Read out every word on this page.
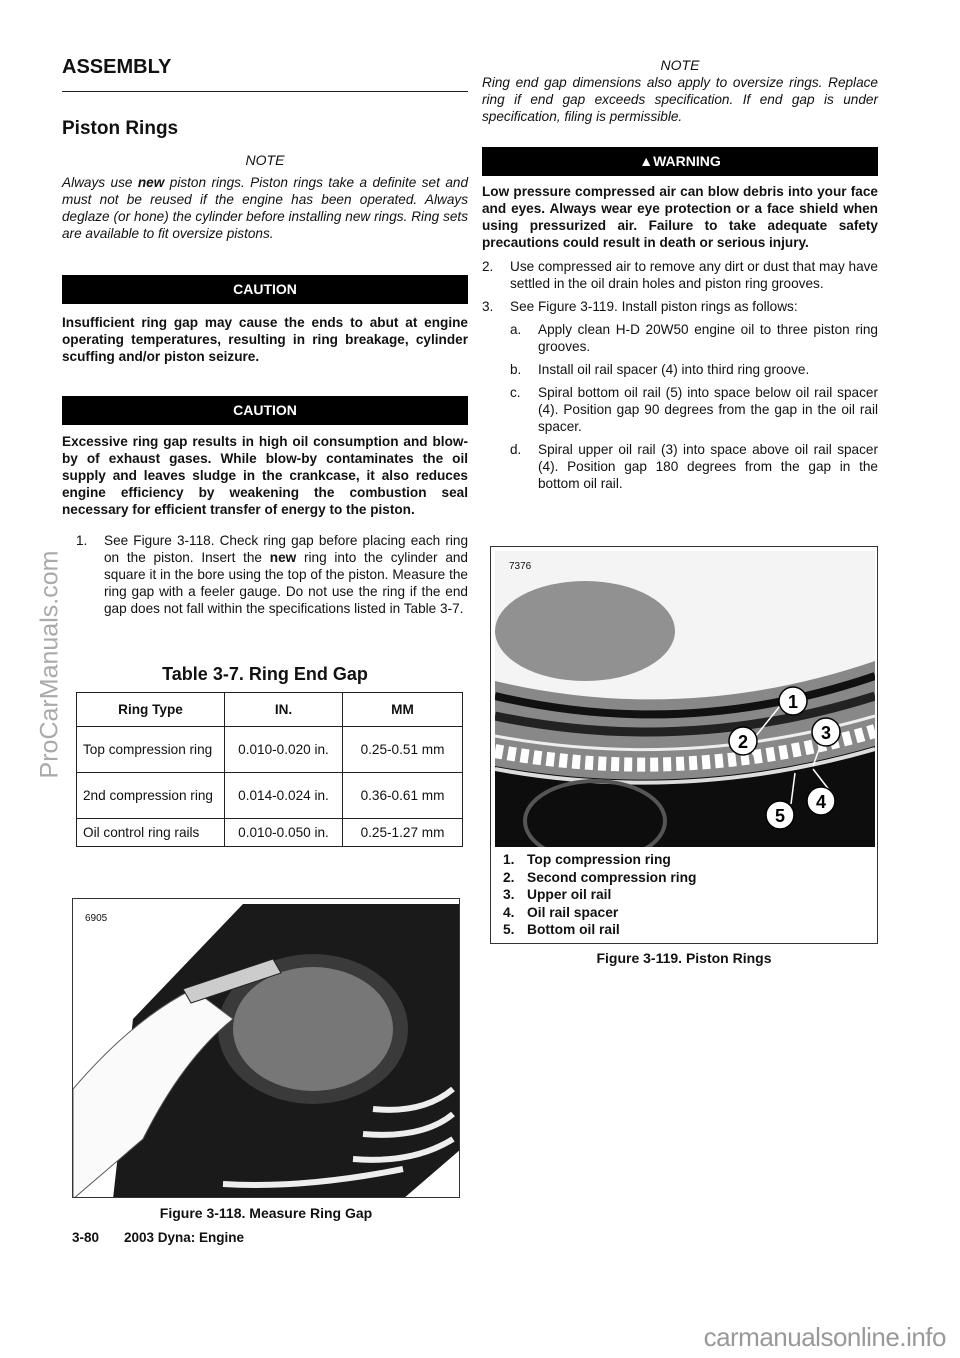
ASSEMBLY
Piston Rings
NOTE
Always use new piston rings. Piston rings take a definite set and must not be reused if the engine has been operated. Always deglaze (or hone) the cylinder before installing new rings. Ring sets are available to fit oversize pistons.
CAUTION
Insufficient ring gap may cause the ends to abut at engine operating temperatures, resulting in ring breakage, cylinder scuffing and/or piston seizure.
CAUTION
Excessive ring gap results in high oil consumption and blow-by of exhaust gases. While blow-by contaminates the oil supply and leaves sludge in the crankcase, it also reduces engine efficiency by weakening the combustion seal necessary for efficient transfer of energy to the piston.
1.	See Figure 3-118. Check ring gap before placing each ring on the piston. Insert the new ring into the cylinder and square it in the bore using the top of the piston. Measure the ring gap with a feeler gauge. Do not use the ring if the end gap does not fall within the specifications listed in Table 3-7.
Table 3-7. Ring End Gap
Ring Type	IN.	MM
Top compression ring	0.010-0.020 in.	0.25-0.51 mm
2nd compression ring	0.014-0.024 in.	0.36-0.61 mm
Oil control ring rails	0.010-0.050 in.	0.25-1.27 mm
6905
Figure 3-118. Measure Ring Gap
NOTE
Ring end gap dimensions also apply to oversize rings. Replace ring if end gap exceeds specification. If end gap is under specification, filing is permissible.
▲WARNING
Low pressure compressed air can blow debris into your face and eyes. Always wear eye protection or a face shield when using pressurized air. Failure to take adequate safety precautions could result in death or serious injury.
2.	Use compressed air to remove any dirt or dust that may have settled in the oil drain holes and piston ring grooves.
3.	See Figure 3-119. Install piston rings as follows:
a.	Apply clean H-D 20W50 engine oil to three piston ring grooves.
b.	Install oil rail spacer (4) into third ring groove.
c.	Spiral bottom oil rail (5) into space below oil rail spacer (4). Position gap 90 degrees from the gap in the oil rail spacer.
d.	Spiral upper oil rail (3) into space above oil rail spacer (4). Position gap 180 degrees from the gap in the bottom oil rail.
1
2	3
4
5
7376
1. Top compression ring
2. Second compression ring
3. Upper oil rail
4. Oil rail spacer
5. Bottom oil rail
Figure 3-119. Piston Rings
3-80 2003 Dyna: Engine
ProCarManuals.com
carmanualsonline.info
